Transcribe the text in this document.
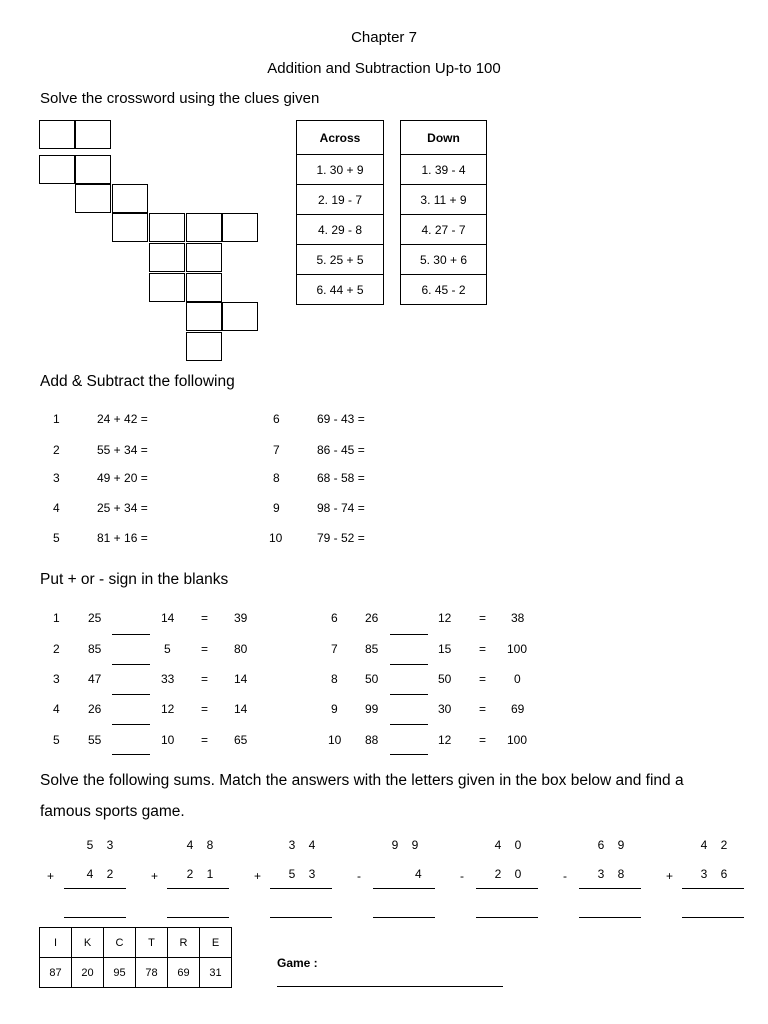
Chapter 7
Addition and Subtraction Up-to 100
Solve the crossword using the clues given
Across
1. 30 + 9
2. 19 - 7
4. 29 - 8
5. 25 + 5
6. 44 + 5
Down
1. 39 - 4
3. 11 + 9
4. 27 - 7
5. 30 + 6
6. 45 - 2
Add & Subtract the following
1	24 + 42 =
2	55 + 34 =
3	49 + 20 =
4	25 + 34 =
5	81 + 16 =
6	69 - 43 =
7	86 - 45 =
8	68 - 58 =
9	98 - 74 =
10	79 - 52 =
Put + or - sign in the blanks
1 25	14 = 39
2 85	5	= 80
3 47	33 = 14
4 26	12 = 14
5 55	10 = 65
6 26	12 = 38
7 85	15 = 100
8 50	50 = 0
9 99	30 = 69
10 88	12 = 100
Solve the following sums. Match the answers with the letters given in the box below and find a
famous sports game.
5    3
+	4    2
4    8
+	2    1
3    4
+	5    3
9    9
-	4
4    0
-	2    0
6    9
-	3    8
4    2
+	3    6
I	K	C	T	R	E
87	20	95	78	69	31
Game :
